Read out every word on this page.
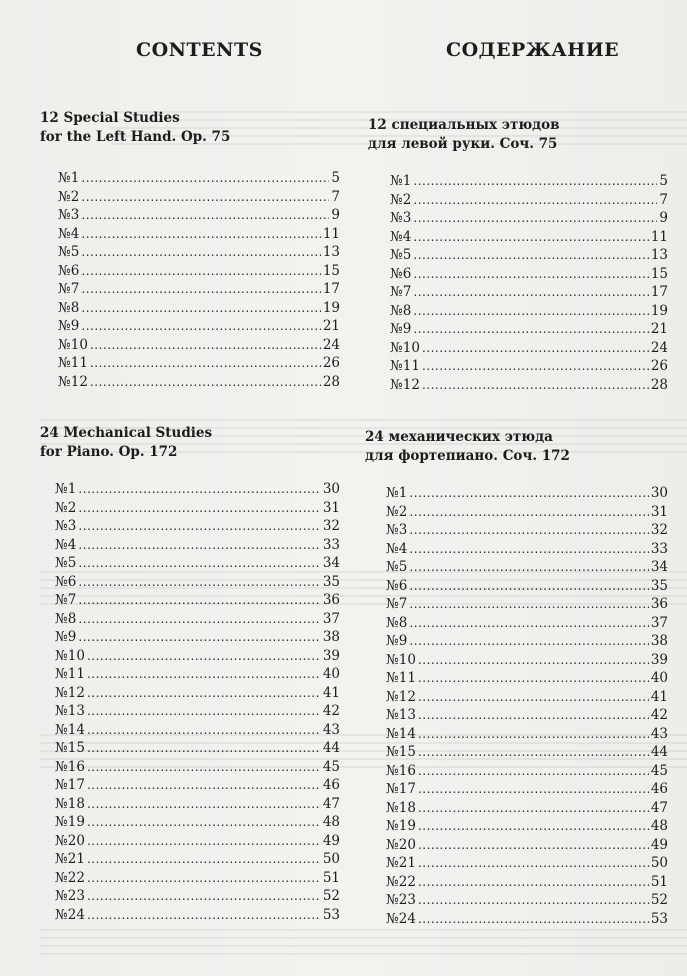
CONTENTS	СОДЕРЖАНИЕ
12 Special Studies
for the Left Hand. Op. 75
№1 .....	5
№2 .....	7
№3 .....	9
№4 .....	11
№5 .....	13
№6 .....	15
№7 .....	17
№8 .....	19
№9 .....	21
№10 .....	24
№11 .....	26
№12 .....	28
24 Mechanical Studies
for Piano. Op. 172
№1 .....	30
№2 .....	31
№3 .....	32
№4 .....	33
№5 .....	34
№6 .....	35
№7 .....	36
№8 .....	37
№9 .....	38
№10 .....	39
№11 .....	40
№12 .....	41
№13 .....	42
№14 .....	43
№15 .....	44
№16 .....	45
№17 .....	46
№18 .....	47
№19 .....	48
№20 .....	49
№21 .....	50
№22 .....	51
№23 .....	52
№24 .....	53
12 специальных этюдов
для левой руки. Соч. 75
№1 .....	5
№2 .....	7
№3 .....	9
№4 .....	11
№5 .....	13
№6 .....	15
№7 .....	17
№8 .....	19
№9 .....	21
№10 .....	24
№11 .....	26
№12 .....	28
24 механических этюда
для фортепиано. Соч. 172
№1 .....	30
№2 .....	31
№3 .....	32
№4 .....	33
№5 .....	34
№6 .....	35
№7 .....	36
№8 .....	37
№9 .....	38
№10 .....	39
№11 .....	40
№12 .....	41
№13 .....	42
№14 .....	43
№15 .....	44
№16 .....	45
№17 .....	46
№18 .....	47
№19 .....	48
№20 .....	49
№21 .....	50
№22 .....	51
№23 .....	52
№24 .....	53
